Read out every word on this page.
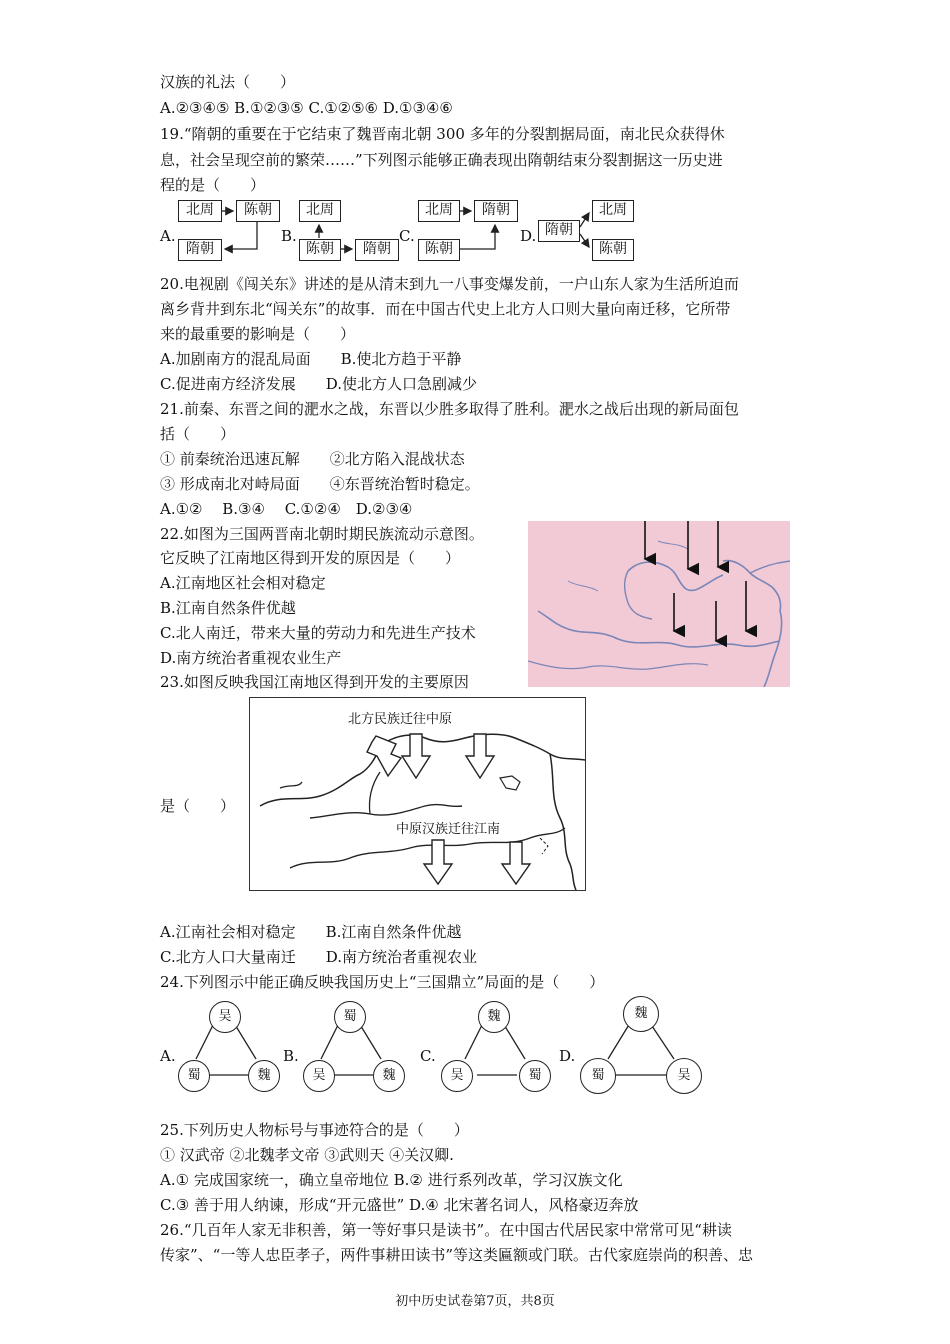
汉族的礼法（　　）
A.②③④⑤ B.①②③⑤ C.①②⑤⑥ D.①③④⑥
19.“隋朝的重要在于它结束了魏晋南北朝 300 多年的分裂割据局面，南北民众获得休
息，社会呈现空前的繁荣……”下列图示能够正确表现出隋朝结束分裂割据这一历史进
程的是（　　）
A.
北周	陈朝
隋朝
B.
北周
陈朝	隋朝
C.
北周	隋朝
陈朝
D. 隋朝
北周
陈朝
20.电视剧《闯关东》讲述的是从清末到九一八事变爆发前，一户山东人家为生活所迫而
离乡背井到东北“闯关东”的故事．而在中国古代史上北方人口则大量向南迁移，它所带
来的最重要的影响是（　　）
A.加剧南方的混乱局面　　B.使北方趋于平静
C.促进南方经济发展　　D.使北方人口急剧减少
21.前秦、东晋之间的淝水之战，东晋以少胜多取得了胜利。淝水之战后出现的新局面包
括（　　）
① 前秦统治迅速瓦解　　②北方陷入混战状态
③ 形成南北对峙局面　　④东晋统治暂时稳定。
A.①②　 B.③④　 C.①②④　D.②③④
22.如图为三国两晋南北朝时期民族流动示意图。
它反映了江南地区得到开发的原因是（　　）
A.江南地区社会相对稳定
B.江南自然条件优越
C.北人南迁，带来大量的劳动力和先进生产技术
D.南方统治者重视农业生产
23.如图反映我国江南地区得到开发的主要原因
是（　　）
北方民族迁往中原
中原汉族迁往江南
A.江南社会相对稳定　　B.江南自然条件优越
C.北方人口大量南迁　　D.南方统治者重视农业
24.下列图示中能正确反映我国历史上“三国鼎立”局面的是（　　）
A.
吴
蜀	魏
B.
蜀
吴	魏
C.
魏
吴	蜀
D.
魏
蜀	吴
25.下列历史人物标号与事迹符合的是（　　）
① 汉武帝 ②北魏孝文帝 ③武则天 ④关汉卿.
A.① 完成国家统一，确立皇帝地位 B.② 进行系列改革，学习汉族文化
C.③ 善于用人纳谏，形成“开元盛世” D.④ 北宋著名词人，风格豪迈奔放
26.“几百年人家无非积善，第一等好事只是读书”。在中国古代居民家中常常可见“耕读
传家”、“一等人忠臣孝子，两件事耕田读书”等这类匾额或门联。古代家庭崇尚的积善、忠
初中历史试卷第7页，共8页
